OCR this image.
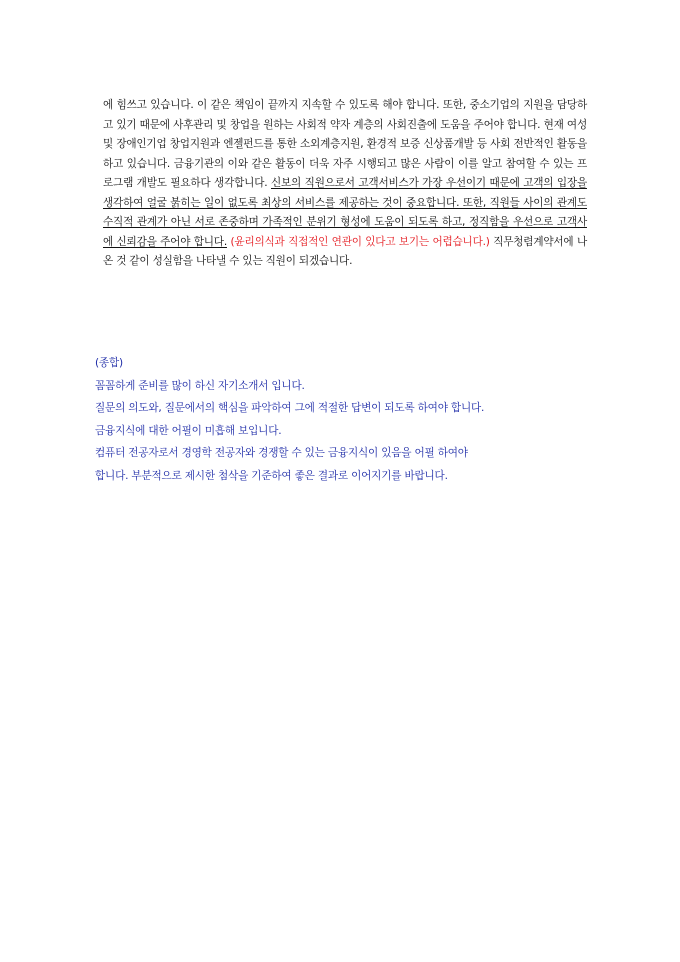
에 힘쓰고 있습니다. 이 같은 책임이 끝까지 지속할 수 있도록 해야 합니다. 또한, 중소기업의 지원을 담당하고 있기 때문에 사후관리 및 창업을 원하는 사회적 약자 계층의 사회진출에 도움을 주어야 합니다. 현재 여성 및 장애인기업 창업지원과 엔젤펀드를 통한 소외계층지원, 환경적 보증 신상품개발 등 사회 전반적인 활동을 하고 있습니다. 금융기관의 이와 같은 활동이 더욱 자주 시행되고 많은 사람이 이를 알고 참여할 수 있는 프로그램 개발도 필요하다 생각합니다. 신보의 직원으로서 고객서비스가 가장 우선이기 때문에 고객의 입장을 생각하여 얼굴 붉히는 일이 없도록 최상의 서비스를 제공하는 것이 중요합니다. 또한, 직원들 사이의 관계도 수직적 관계가 아닌 서로 존중하며 가족적인 분위기 형성에 도움이 되도록 하고, 정직함을 우선으로 고객사에 신뢰감을 주어야 합니다. (윤리의식과 직접적인 연관이 있다고 보기는 어렵습니다.) 직무청렴계약서에 나온 것 같이 성실함을 나타낼 수 있는 직원이 되겠습니다.

(종합)
꼼꼼하게 준비를 많이 하신 자기소개서 입니다.
질문의 의도와, 질문에서의 핵심을 파악하여 그에 적절한 답변이 되도록 하여야 합니다.
금융지식에 대한 어필이 미흡해 보입니다.
컴퓨터 전공자로서 경영학 전공자와 경쟁할 수 있는 금융지식이 있음을 어필 하여야
합니다. 부분적으로 제시한 첨삭을 기준하여 좋은 결과로 이어지기를 바랍니다.
